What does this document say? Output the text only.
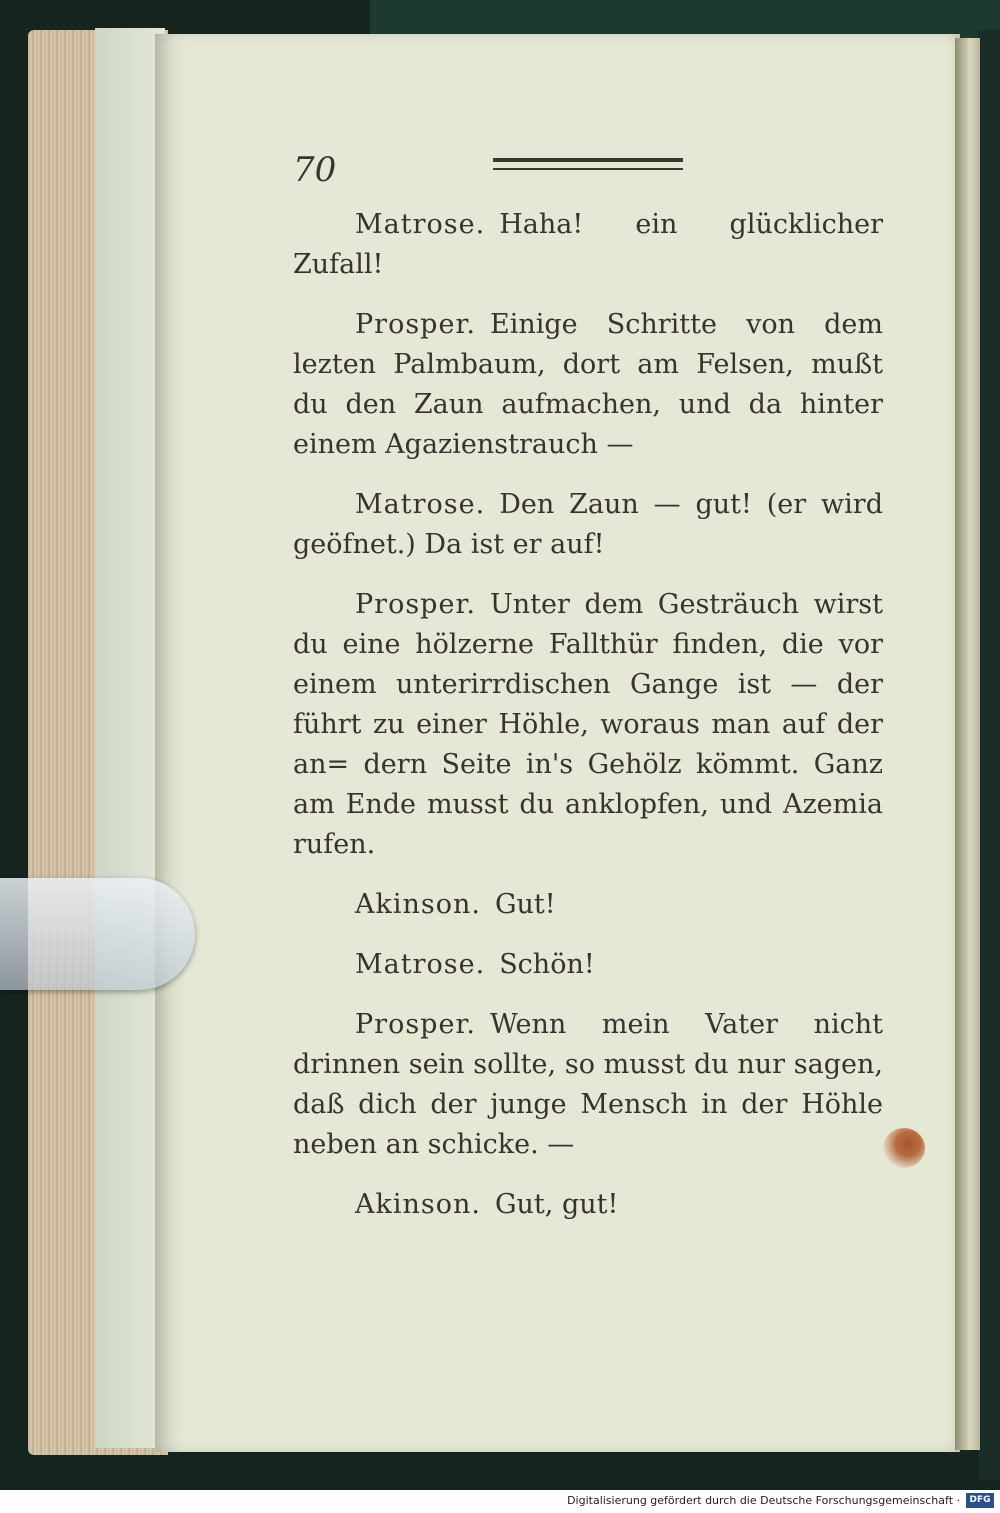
70

Matrose. Haha! ein glücklicher Zufall!

Prosper. Einige Schritte von dem lezten Palmbaum, dort am Felsen, mußt du den Zaun aufmachen, und da hinter einem Agazienstrauch —

Matrose. Den Zaun — gut! (er wird geöfnet.) Da ist er auf!

Prosper. Unter dem Gesträuch wirst du eine hölzerne Fallthür finden, die vor einem unterirrdischen Gange ist — der führt zu einer Höhle, woraus man auf der an= dern Seite in's Gehölz kömmt. Ganz am Ende musst du anklopfen, und Azemia rufen.

Akinson. Gut!

Matrose. Schön!

Prosper. Wenn mein Vater nicht drinnen sein sollte, so musst du nur sagen, daß dich der junge Mensch in der Höhle neben an schicke. —

Akinson. Gut, gut!

Digitalisierung gefördert durch die Deutsche Forschungsgemeinschaft ·	DFG
